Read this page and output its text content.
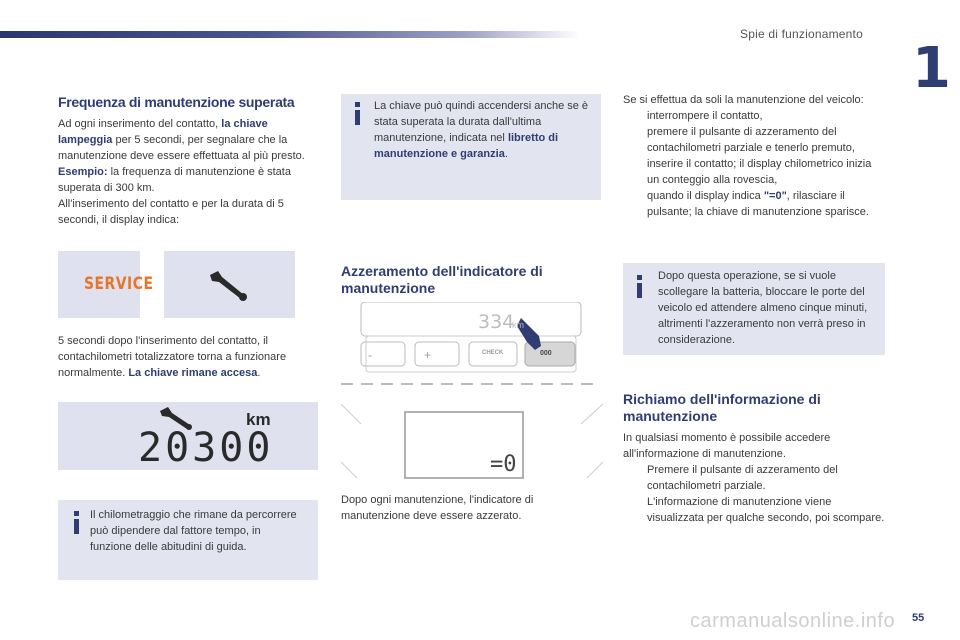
Spie di funzionamento
1
Frequenza di manutenzione superata

Ad ogni inserimento del contatto, la chiave lampeggia per 5 secondi, per segnalare che la manutenzione deve essere effettuata al più presto.

Esempio: la frequenza di manutenzione è stata superata di 300 km.

All'inserimento del contatto e per la durata di 5 secondi, il display indica:

SERVICE

5 secondi dopo l'inserimento del contatto, il contachilometri totalizzatore torna a funzionare normalmente. La chiave rimane accesa.

km
20300
Il chilometraggio che rimane da percorrere può dipendere dal fattore tempo, in funzione delle abitudini di guida.
La chiave può quindi accendersi anche se è stata superata la durata dall'ultima manutenzione, indicata nel libretto di manutenzione e garanzia.
Azzeramento dell'indicatore di manutenzione
334
km
-	+	CHECK	000
=0
Dopo ogni manutenzione, l'indicatore di manutenzione deve essere azzerato.

Se si effettua da soli la manutenzione del veicolo:

interrompere il contatto,
premere il pulsante di azzeramento del contachilometri parziale e tenerlo premuto,
inserire il contatto; il display chilometrico inizia un conteggio alla rovescia,
quando il display indica "=0", rilasciare il pulsante; la chiave di manutenzione sparisce.
Dopo questa operazione, se si vuole scollegare la batteria, bloccare le porte del veicolo ed attendere almeno cinque minuti, altrimenti l'azzeramento non verrà preso in considerazione.
Richiamo dell'informazione di manutenzione

In qualsiasi momento è possibile accedere all'informazione di manutenzione.

Premere il pulsante di azzeramento del contachilometri parziale.
L'informazione di manutenzione viene visualizzata per qualche secondo, poi scompare.
carmanualsonline.info 55
